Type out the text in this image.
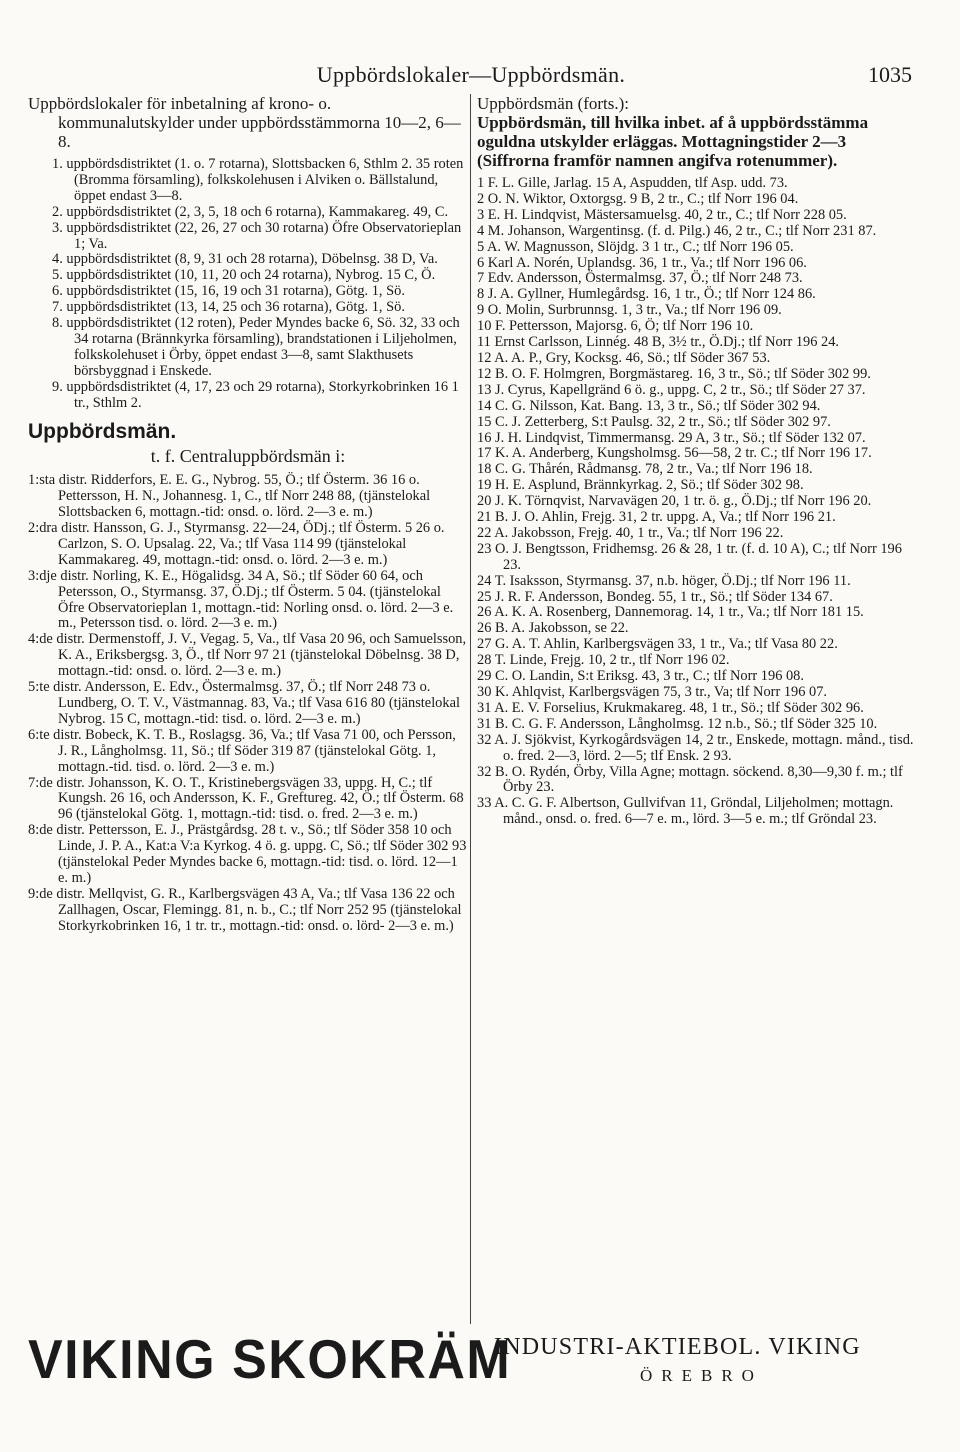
Uppbördslokaler—Uppbördsmän.	1035

Uppbördslokaler för inbetalning af krono- o. kommunalutskylder under uppbördsstämmorna 10—2, 6—8.

1. uppbördsdistriktet (1. o. 7 rotarna), Slottsbacken 6, Sthlm 2. 35 roten (Bromma församling), folkskolehusen i Alviken o. Bällstalund, öppet endast 3—8.

2. uppbördsdistriktet (2, 3, 5, 18 och 6 rotarna), Kammakareg. 49, C.

3. uppbördsdistriktet (22, 26, 27 och 30 rotarna) Öfre Observatorieplan 1; Va.

4. uppbördsdistriktet (8, 9, 31 och 28 rotarna), Döbelnsg. 38 D, Va.

5. uppbördsdistriktet (10, 11, 20 och 24 rotarna), Nybrog. 15 C, Ö.

6. uppbördsdistriktet (15, 16, 19 och 31 rotarna), Götg. 1, Sö.

7. uppbördsdistriktet (13, 14, 25 och 36 rotarna), Götg. 1, Sö.

8. uppbördsdistriktet (12 roten), Peder Myndes backe 6, Sö. 32, 33 och 34 rotarna (Brännkyrka församling), brandstationen i Liljeholmen, folkskolehuset i Örby, öppet endast 3—8, samt Slakthusets börsbyggnad i Enskede.

9. uppbördsdistriktet (4, 17, 23 och 29 rotarna), Storkyrkobrinken 16 1 tr., Sthlm 2.

Uppbördsmän.

t. f. Centraluppbördsmän i:

1:sta distr. Ridderfors, E. E. G., Nybrog. 55, Ö.; tlf Österm. 36 16 o. Pettersson, H. N., Johannesg. 1, C., tlf Norr 248 88, (tjänstelokal Slottsbacken 6, mottagn.-tid: onsd. o. lörd. 2—3 e. m.)

2:dra distr. Hansson, G. J., Styrmansg. 22—24, ÖDj.; tlf Österm. 5 26 o. Carlzon, S. O. Upsalag. 22, Va.; tlf Vasa 114 99 (tjänstelokal Kammakareg. 49, mottagn.-tid: onsd. o. lörd. 2—3 e. m.)

3:dje distr. Norling, K. E., Högalidsg. 34 A, Sö.; tlf Söder 60 64, och Petersson, O., Styrmansg. 37, Ö.Dj.; tlf Österm. 5 04. (tjänstelokal Öfre Observatorieplan 1, mottagn.-tid: Norling onsd. o. lörd. 2—3 e. m., Petersson tisd. o. lörd. 2—3 e. m.)

4:de distr. Dermenstoff, J. V., Vegag. 5, Va., tlf Vasa 20 96, och Samuelsson, K. A., Eriksbergsg. 3, Ö., tlf Norr 97 21 (tjänstelokal Döbelnsg. 38 D, mottagn.-tid: onsd. o. lörd. 2—3 e. m.)

5:te distr. Andersson, E. Edv., Östermalmsg. 37, Ö.; tlf Norr 248 73 o. Lundberg, O. T. V., Västmannag. 83, Va.; tlf Vasa 616 80 (tjänstelokal Nybrog. 15 C, mottagn.-tid: tisd. o. lörd. 2—3 e. m.)

6:te distr. Bobeck, K. T. B., Roslagsg. 36, Va.; tlf Vasa 71 00, och Persson, J. R., Långholmsg. 11, Sö.; tlf Söder 319 87 (tjänstelokal Götg. 1, mottagn.-tid. tisd. o. lörd. 2—3 e. m.)

7:de distr. Johansson, K. O. T., Kristinebergsvägen 33, uppg. H, C.; tlf Kungsh. 26 16, och Andersson, K. F., Greftureg. 42, Ö.; tlf Österm. 68 96 (tjänstelokal Götg. 1, mottagn.-tid: tisd. o. fred. 2—3 e. m.)

8:de distr. Pettersson, E. J., Prästgårdsg. 28 t. v., Sö.; tlf Söder 358 10 och Linde, J. P. A., Kat:a V:a Kyrkog. 4 ö. g. uppg. C, Sö.; tlf Söder 302 93 (tjänstelokal Peder Myndes backe 6, mottagn.-tid: tisd. o. lörd. 12—1 e. m.)

9:de distr. Mellqvist, G. R., Karlbergsvägen 43 A, Va.; tlf Vasa 136 22 och Zallhagen, Oscar, Flemingg. 81, n. b., C.; tlf Norr 252 95 (tjänstelokal Storkyrkobrinken 16, 1 tr. tr., mottagn.-tid: onsd. o. lörd- 2—3 e. m.)

Uppbördsmän (forts.):

Uppbördsmän, till hvilka inbet. af å uppbördsstämma oguldna utskylder erläggas. Mottagningstider 2—3 (Siffrorna framför namnen angifva rotenummer).

1 F. L. Gille, Jarlag. 15 A, Aspudden, tlf Asp. udd. 73.

2 O. N. Wiktor, Oxtorgsg. 9 B, 2 tr., C.; tlf Norr 196 04.

3 E. H. Lindqvist, Mästersamuelsg. 40, 2 tr., C.; tlf Norr 228 05.

4 M. Johanson, Wargentinsg. (f. d. Pilg.) 46, 2 tr., C.; tlf Norr 231 87.

5 A. W. Magnusson, Slöjdg. 3 1 tr., C.; tlf Norr 196 05.

6 Karl A. Norén, Uplandsg. 36, 1 tr., Va.; tlf Norr 196 06.

7 Edv. Andersson, Östermalmsg. 37, Ö.; tlf Norr 248 73.

8 J. A. Gyllner, Humlegårdsg. 16, 1 tr., Ö.; tlf Norr 124 86.

9 O. Molin, Surbrunnsg. 1, 3 tr., Va.; tlf Norr 196 09.

10 F. Pettersson, Majorsg. 6, Ö; tlf Norr 196 10.

11 Ernst Carlsson, Linnég. 48 B, 3½ tr., Ö.Dj.; tlf Norr 196 24.

12 A. A. P., Gry, Kocksg. 46, Sö.; tlf Söder 367 53.

12 B. O. F. Holmgren, Borgmästareg. 16, 3 tr., Sö.; tlf Söder 302 99.

13 J. Cyrus, Kapellgränd 6 ö. g., uppg. C, 2 tr., Sö.; tlf Söder 27 37.

14 C. G. Nilsson, Kat. Bang. 13, 3 tr., Sö.; tlf Söder 302 94.

15 C. J. Zetterberg, S:t Paulsg. 32, 2 tr., Sö.; tlf Söder 302 97.

16 J. H. Lindqvist, Timmermansg. 29 A, 3 tr., Sö.; tlf Söder 132 07.

17 K. A. Anderberg, Kungsholmsg. 56—58, 2 tr. C.; tlf Norr 196 17.

18 C. G. Thårén, Rådmansg. 78, 2 tr., Va.; tlf Norr 196 18.

19 H. E. Asplund, Brännkyrkag. 2, Sö.; tlf Söder 302 98.

20 J. K. Törnqvist, Narvavägen 20, 1 tr. ö. g., Ö.Dj.; tlf Norr 196 20.

21 B. J. O. Ahlin, Frejg. 31, 2 tr. uppg. A, Va.; tlf Norr 196 21.

22 A. Jakobsson, Frejg. 40, 1 tr., Va.; tlf Norr 196 22.

23 O. J. Bengtsson, Fridhemsg. 26 & 28, 1 tr. (f. d. 10 A), C.; tlf Norr 196 23.

24 T. Isaksson, Styrmansg. 37, n.b. höger, Ö.Dj.; tlf Norr 196 11.

25 J. R. F. Andersson, Bondeg. 55, 1 tr., Sö.; tlf Söder 134 67.

26 A. K. A. Rosenberg, Dannemorag. 14, 1 tr., Va.; tlf Norr 181 15.

26 B. A. Jakobsson, se 22.

27 G. A. T. Ahlin, Karlbergsvägen 33, 1 tr., Va.; tlf Vasa 80 22.

28 T. Linde, Frejg. 10, 2 tr., tlf Norr 196 02.

29 C. O. Landin, S:t Eriksg. 43, 3 tr., C.; tlf Norr 196 08.

30 K. Ahlqvist, Karlbergsvägen 75, 3 tr., Va; tlf Norr 196 07.

31 A. E. V. Forselius, Krukmakareg. 48, 1 tr., Sö.; tlf Söder 302 96.

31 B. C. G. F. Andersson, Långholmsg. 12 n.b., Sö.; tlf Söder 325 10.

32 A. J. Sjökvist, Kyrkogårdsvägen 14, 2 tr., Enskede, mottagn. månd., tisd. o. fred. 2—3, lörd. 2—5; tlf Ensk. 2 93.

32 B. O. Rydén, Örby, Villa Agne; mottagn. söckend. 8,30—9,30 f. m.; tlf Örby 23.

33 A. C. G. F. Albertson, Gullvifvan 11, Gröndal, Liljeholmen; mottagn. månd., onsd. o. fred. 6—7 e. m., lörd. 3—5 e. m.; tlf Gröndal 23.

VIKING SKOKRÄM
INDUSTRI-AKTIEBOL. VIKING
ÖREBRO
